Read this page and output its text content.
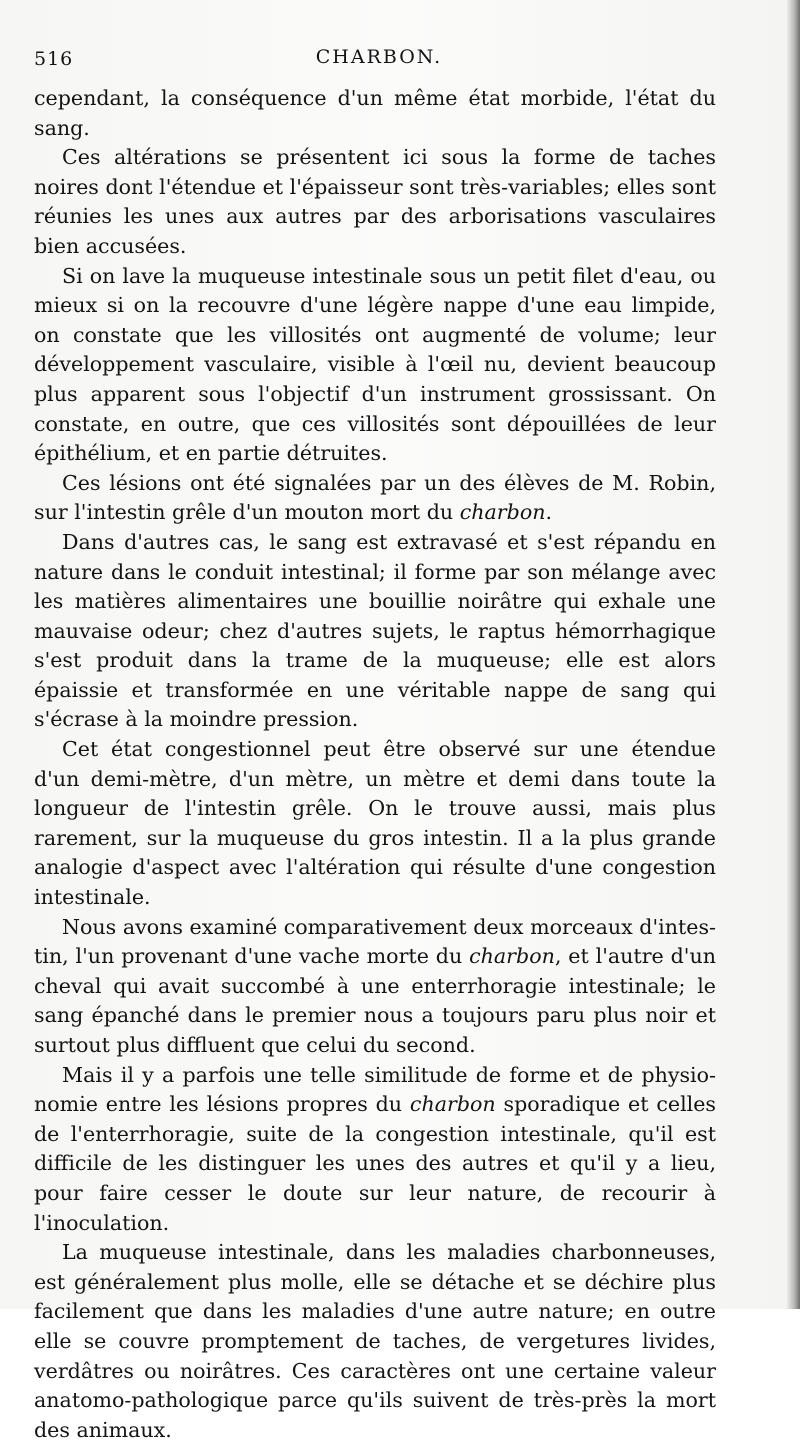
516	CHARBON.

cependant, la conséquence d'un même état morbide, l'état du sang.

Ces altérations se présentent ici sous la forme de taches noires dont l'étendue et l'épaisseur sont très-variables; elles sont réunies les unes aux autres par des arborisations vasculaires bien accusées.

Si on lave la muqueuse intestinale sous un petit filet d'eau, ou mieux si on la recouvre d'une légère nappe d'une eau limpide, on constate que les villosités ont augmenté de volume; leur développement vasculaire, visible à l'œil nu, devient beaucoup plus apparent sous l'objectif d'un instrument grossissant. On constate, en outre, que ces villosités sont dépouillées de leur épithélium, et en partie détruites.

Ces lésions ont été signalées par un des élèves de M. Robin, sur l'intestin grêle d'un mouton mort du charbon.

Dans d'autres cas, le sang est extravasé et s'est répandu en nature dans le conduit intestinal; il forme par son mélange avec les matières alimentaires une bouillie noirâtre qui exhale une mauvaise odeur; chez d'autres sujets, le raptus hémorrhagique s'est produit dans la trame de la muqueuse; elle est alors épaissie et transformée en une véritable nappe de sang qui s'écrase à la moindre pression.

Cet état congestionnel peut être observé sur une étendue d'un demi-mètre, d'un mètre, un mètre et demi dans toute la longueur de l'intestin grêle. On le trouve aussi, mais plus rarement, sur la muqueuse du gros intestin. Il a la plus grande analogie d'aspect avec l'altération qui résulte d'une congestion intestinale.

Nous avons examiné comparativement deux morceaux d'intestin, l'un provenant d'une vache morte du charbon, et l'autre d'un cheval qui avait succombé à une enterrhoragie intestinale; le sang épanché dans le premier nous a toujours paru plus noir et surtout plus diffluent que celui du second.

Mais il y a parfois une telle similitude de forme et de physionomie entre les lésions propres du charbon sporadique et celles de l'enterrhoragie, suite de la congestion intestinale, qu'il est difficile de les distinguer les unes des autres et qu'il y a lieu, pour faire cesser le doute sur leur nature, de recourir à l'inoculation.

La muqueuse intestinale, dans les maladies charbonneuses, est généralement plus molle, elle se détache et se déchire plus facilement que dans les maladies d'une autre nature; en outre elle se couvre promptement de taches, de vergetures livides, verdâtres ou noirâtres. Ces caractères ont une certaine valeur anatomo-pathologique parce qu'ils suivent de très-près la mort des animaux.
